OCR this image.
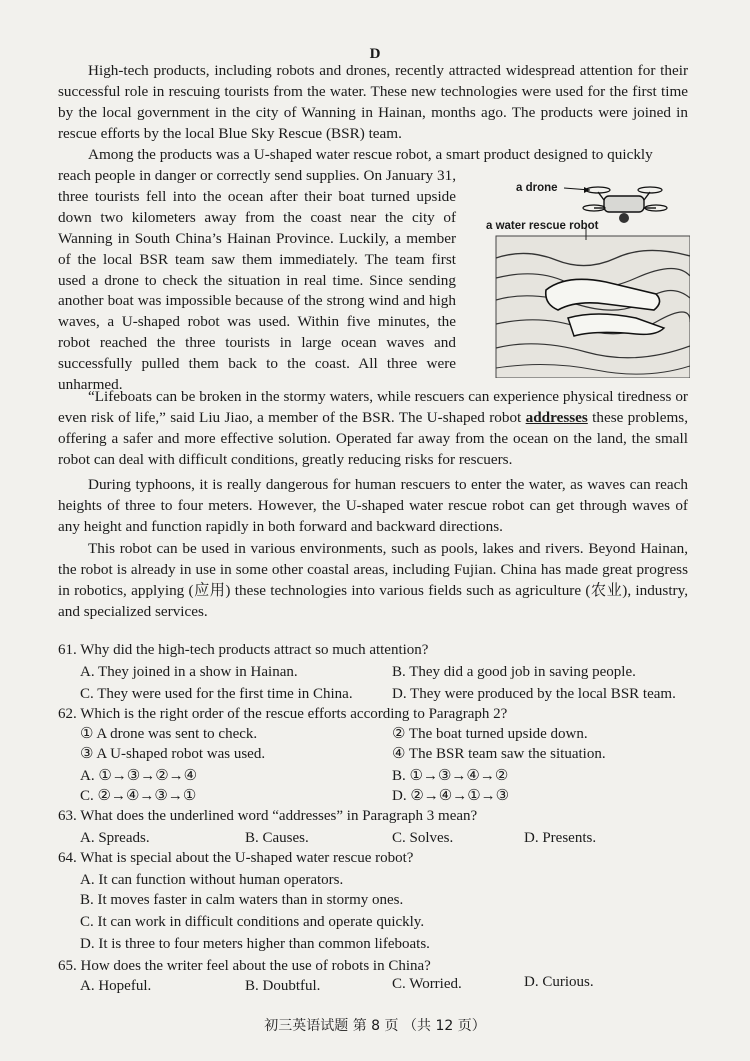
D

High-tech products, including robots and drones, recently attracted widespread attention for their successful role in rescuing tourists from the water. These new technologies were used for the first time by the local government in the city of Wanning in Hainan, months ago. The products were joined in rescue efforts by the local Blue Sky Rescue (BSR) team.

Among the products was a U-shaped water rescue robot, a smart product designed to quickly

reach people in danger or correctly send supplies. On January 31, three tourists fell into the ocean after their boat turned upside down two kilometers away from the coast near the city of Wanning in South China’s Hainan Province. Luckily, a member of the local BSR team saw them immediately. The team first used a drone to check the situation in real time. Since sending another boat was impossible because of the strong wind and high waves, a U-shaped robot was used. Within five minutes, the robot reached the three tourists in large ocean waves and successfully pulled them back to the coast. All three were unharmed.

a drone
a water rescue robot

“Lifeboats can be broken in the stormy waters, while rescuers can experience physical tiredness or even risk of life,” said Liu Jiao, a member of the BSR. The U-shaped robot addresses these problems, offering a safer and more effective solution. Operated far away from the ocean on the land, the small robot can deal with difficult conditions, greatly reducing risks for rescuers.

During typhoons, it is really dangerous for human rescuers to enter the water, as waves can reach heights of three to four meters. However, the U-shaped water rescue robot can get through waves of any height and function rapidly in both forward and backward directions.

This robot can be used in various environments, such as pools, lakes and rivers. Beyond Hainan, the robot is already in use in some other coastal areas, including Fujian. China has made great progress in robotics, applying (应用) these technologies into various fields such as agriculture (农业), industry, and specialized services.

61. Why did the high-tech products attract so much attention?

A. They joined in a show in Hainan.	B. They did a good job in saving people.

C. They were used for the first time in China.	D. They were produced by the local BSR team.

62. Which is the right order of the rescue efforts according to Paragraph 2?

① A drone was sent to check.	② The boat turned upside down.

③ A U-shaped robot was used.	④ The BSR team saw the situation.

A. ①→③→②→④	B. ①→③→④→②

C. ②→④→③→①	D. ②→④→①→③

63. What does the underlined word “addresses” in Paragraph 3 mean?

A. Spreads.	B. Causes.	C. Solves.	D. Presents.

64. What is special about the U-shaped water rescue robot?

A. It can function without human operators.

B. It moves faster in calm waters than in stormy ones.

C. It can work in difficult conditions and operate quickly.

D. It is three to four meters higher than common lifeboats.

65. How does the writer feel about the use of robots in China?

A. Hopeful.	B. Doubtful.	C. Worried.	D. Curious.

初三英语试题 第 8 页 （共 12 页）
